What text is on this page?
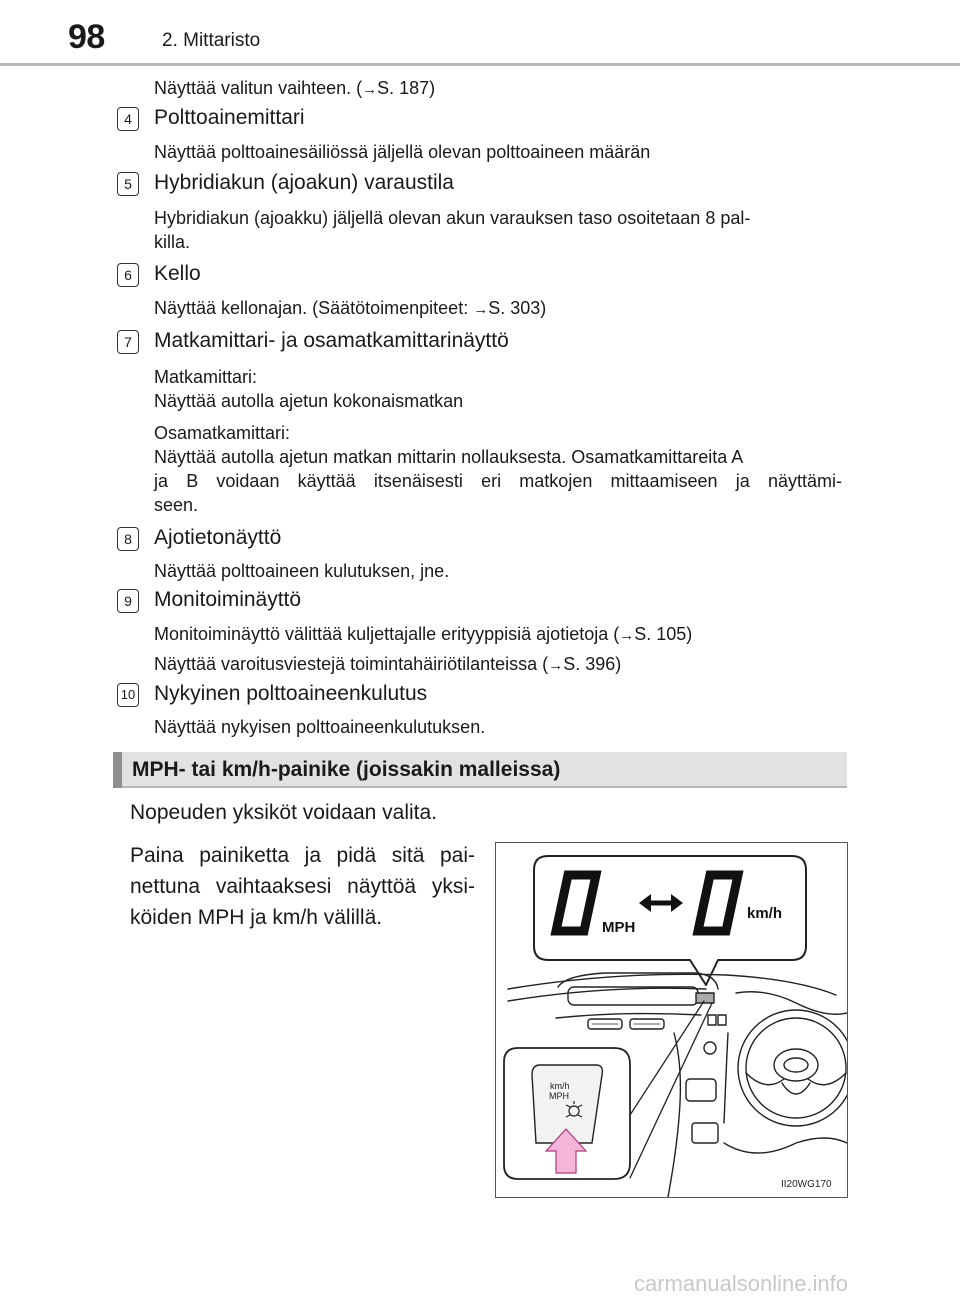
98	2. Mittaristo
Näyttää valitun vaihteen. (→S. 187)
4	Polttoainemittari
Näyttää polttoainesäiliössä jäljellä olevan polttoaineen määrän
5	Hybridiakun (ajoakun) varaustila
Hybridiakun (ajoakku) jäljellä olevan akun varauksen taso osoitetaan 8 pal-
killa.
6	Kello
Näyttää kellonajan. (Säätötoimenpiteet: →S. 303)
7	Matkamittari- ja osamatkamittarinäyttö
Matkamittari:
Näyttää autolla ajetun kokonaismatkan
Osamatkamittari:
Näyttää autolla ajetun matkan mittarin nollauksesta. Osamatkamittareita A
ja B voidaan käyttää itsenäisesti eri matkojen mittaamiseen ja näyttämi-
seen.
8	Ajotietonäyttö
Näyttää polttoaineen kulutuksen, jne.
9	Monitoiminäyttö
Monitoiminäyttö välittää kuljettajalle erityyppisiä ajotietoja (→S. 105)
Näyttää varoitusviestejä toimintahäiriötilanteissa (→S. 396)
10 Nykyinen polttoaineenkulutus
Näyttää nykyisen polttoaineenkulutuksen.
MPH- tai km/h-painike (joissakin malleissa)
Nopeuden yksiköt voidaan valita.
Paina painiketta ja pidä sitä pai-
nettuna vaihtaaksesi näyttöä yksi-
köiden MPH ja km/h välillä.	MPH
km/h
km/h
MPH
II20WG170
carmanualsonline.info
